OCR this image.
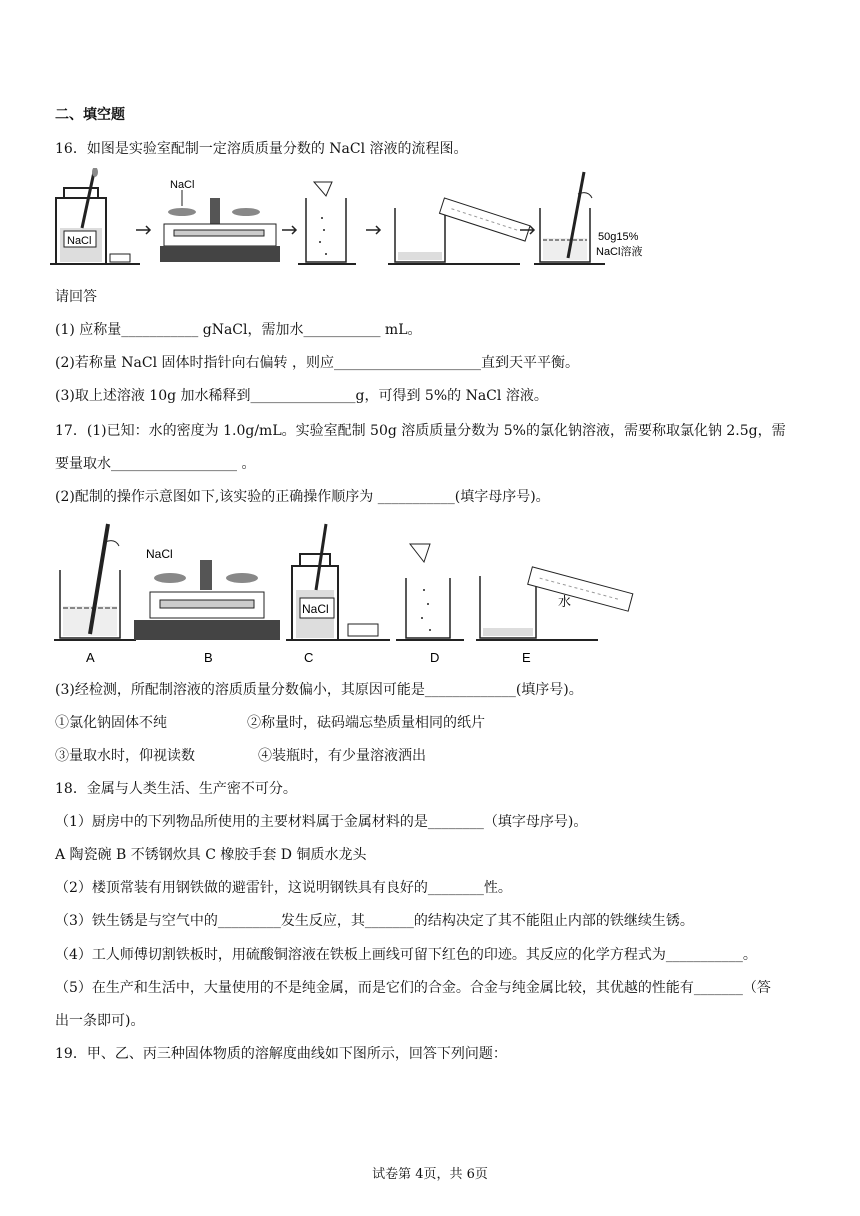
二、填空题
16．如图是实验室配制一定溶质质量分数的 NaCl 溶液的流程图。
NaCl
NaCl
50g15%
NaCl溶液
请回答
(1) 应称量___________ gNaCl，需加水___________ mL。
(2)若称量 NaCl 固体时指针向右偏转 ，则应_____________________直到天平平衡。
(3)取上述溶液 10g 加水稀释到_______________g，可得到 5%的 NaCl 溶液。
17．(1)已知：水的密度为 1.0g/mL。实验室配制 50g 溶质质量分数为 5%的氯化钠溶液，需要称取氯化钠 2.5g，需
要量取水__________________ 。
(2)配制的操作示意图如下,该实验的正确操作顺序为 ___________(填字母序号)。
A
NaCl
B
NaCl
C	D
水
E
(3)经检测，所配制溶液的溶质质量分数偏小，其原因可能是_____________(填序号)。
①氯化钠固体不纯	②称量时，砝码端忘垫质量相同的纸片
③量取水时，仰视读数	④装瓶时，有少量溶液洒出
18．金属与人类生活、生产密不可分。
（1）厨房中的下列物品所使用的主要材料属于金属材料的是________（填字母序号)。
A 陶瓷碗 B 不锈钢炊具 C 橡胶手套 D 铜质水龙头
（2）楼顶常装有用钢铁做的避雷针，这说明钢铁具有良好的________性。
（3）铁生锈是与空气中的_________发生反应，其_______的结构决定了其不能阻止内部的铁继续生锈。
（4）工人师傅切割铁板时，用硫酸铜溶液在铁板上画线可留下红色的印迹。其反应的化学方程式为___________。
（5）在生产和生活中，大量使用的不是纯金属，而是它们的合金。合金与纯金属比较，其优越的性能有_______（答
出一条即可)。
19．甲、乙、丙三种固体物质的溶解度曲线如下图所示，回答下列问题：
试卷第 4页，共 6页
